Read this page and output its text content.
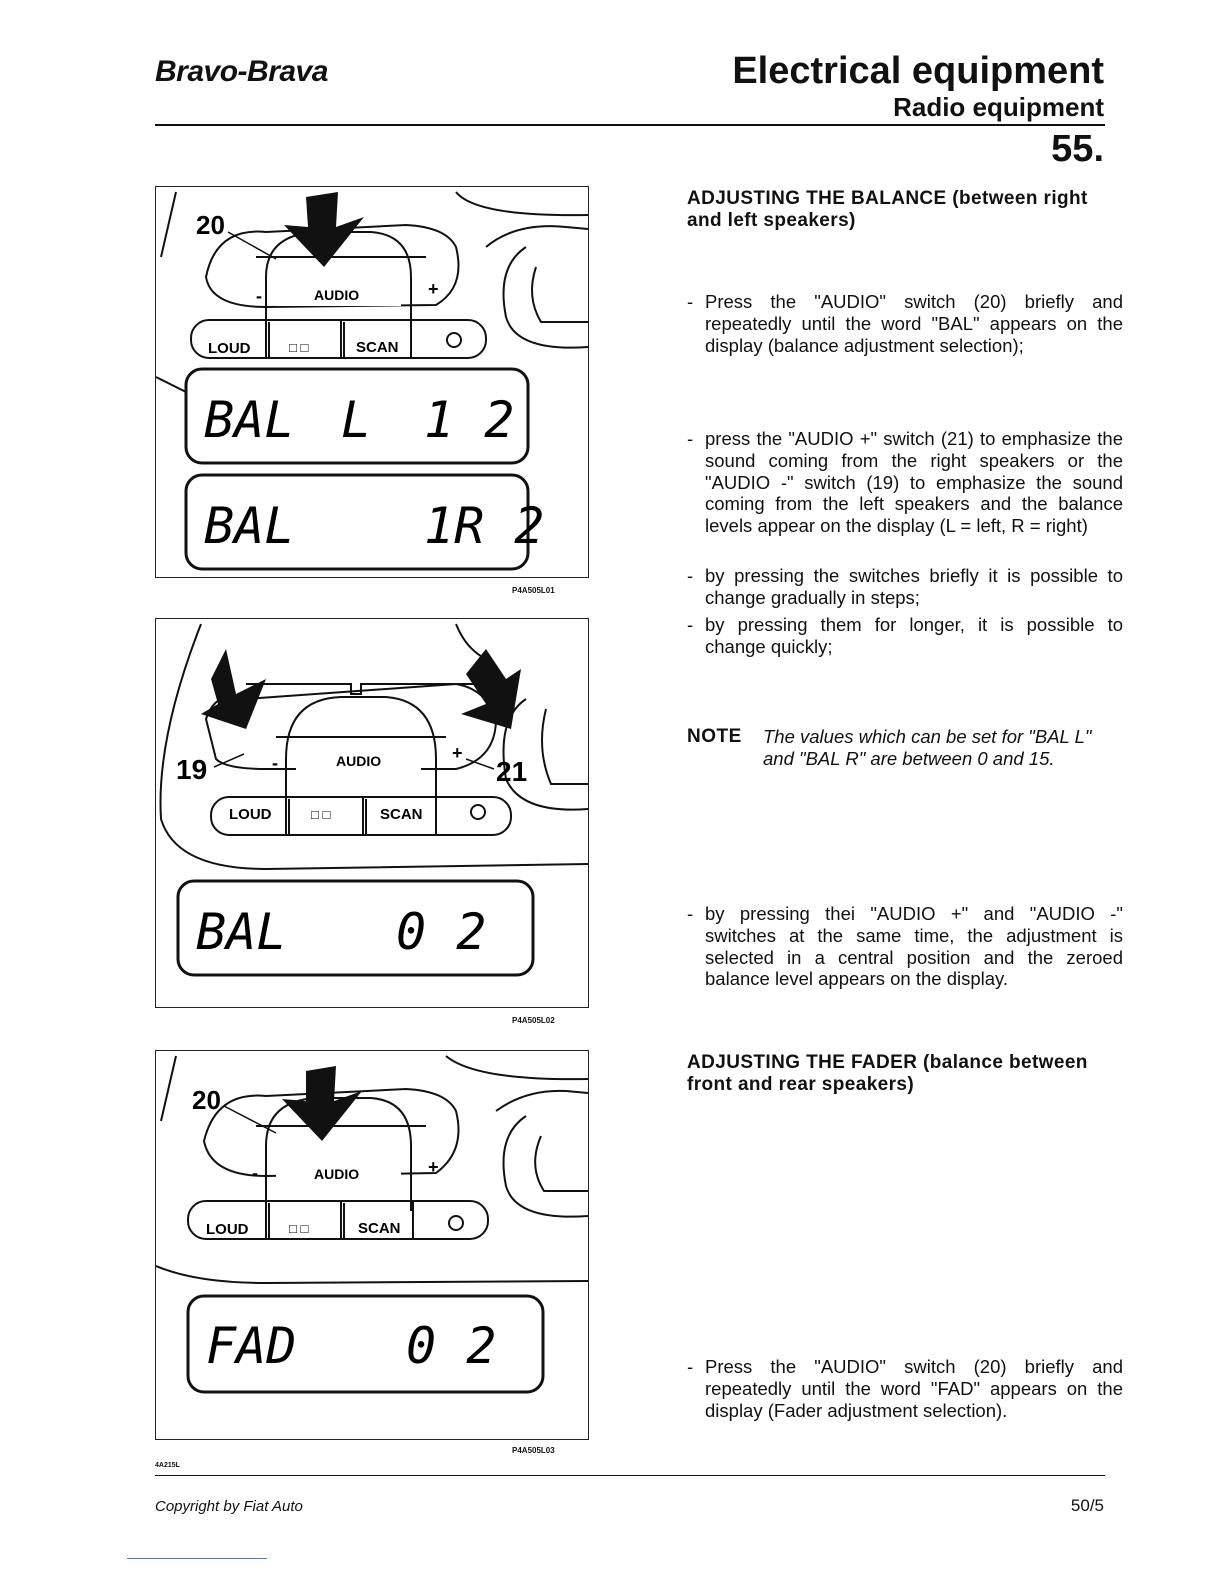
Bravo-Brava	Electrical equipment
Radio equipment
55.
AUDIO
-	+
LOUD	□ □	SCAN
20
BAL L 1 2
BAL	1R 2
P4A505L01
AUDIO
-	+
LOUD	□ □	SCAN
19	21
BAL 0 2
P4A505L02
AUDIO
-	+
LOUD	□ □	SCAN
20
FAD 0 2
P4A505L03
ADJUSTING THE BALANCE (between right and left speakers)
- Press the "AUDIO" switch (20) briefly and repeatedly until the word "BAL" appears on the display (balance adjustment selection);
- press the "AUDIO +" switch (21) to emphasize the sound coming from the right speakers or the "AUDIO -" switch (19) to emphasize the sound coming from the left speakers and the balance levels appear on the display (L = left, R = right)
- by pressing the switches briefly it is possible to change gradually in steps;
- by pressing them for longer, it is possible to change quickly;
NOTE	The values which can be set for "BAL L" and "BAL R" are between 0 and 15.
- by pressing thei "AUDIO +" and "AUDIO -" switches at the same time, the adjustment is selected in a central position and the zeroed balance level appears on the display.
ADJUSTING THE FADER (balance between front and rear speakers)
- Press the "AUDIO" switch (20) briefly and repeatedly until the word "FAD" appears on the display (Fader adjustment selection).
4A215L
Copyright by Fiat Auto	50/5
